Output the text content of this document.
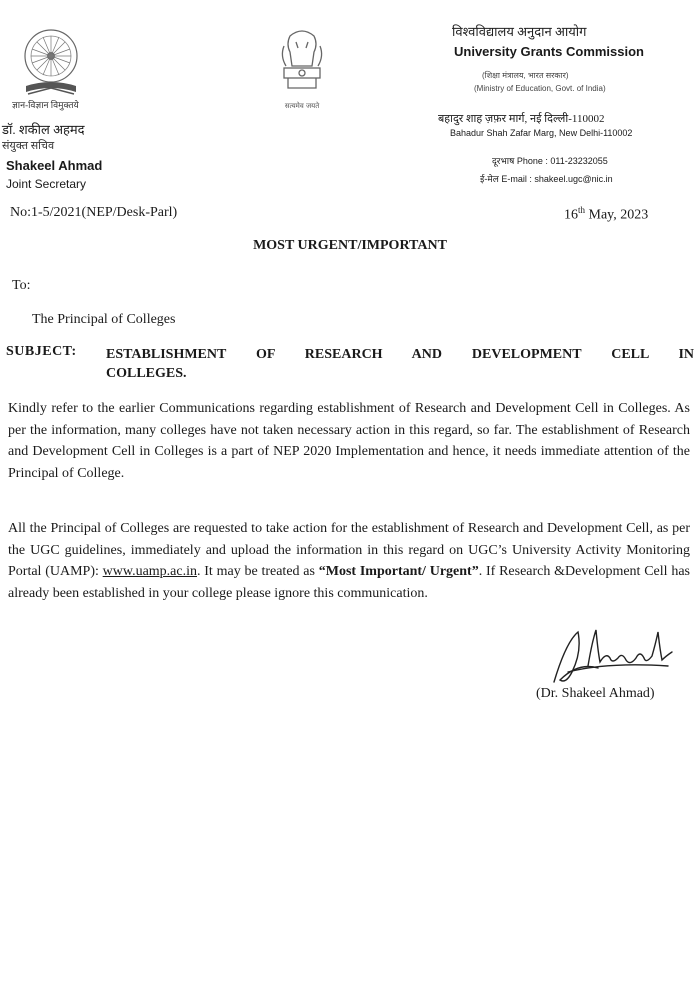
ज्ञान-विज्ञान विमुक्तये
डॉ. शकील अहमद
संयुक्त सचिव
Shakeel Ahmad
Joint Secretary
सत्यमेव जयते
विश्वविद्यालय अनुदान आयोग
University Grants Commission
(शिक्षा मंत्रालय, भारत सरकार)
(Ministry of Education, Govt. of India)
बहादुर शाह ज़फ़र मार्ग, नई दिल्ली-110002
Bahadur Shah Zafar Marg, New Delhi-110002
दूरभाष Phone : 011-23232055
ई-मेल E-mail : shakeel.ugc@nic.in
No:1-5/2021(NEP/Desk-Parl)	16th May, 2023
MOST URGENT/IMPORTANT
To:
The Principal of Colleges
SUBJECT: ESTABLISHMENT OF RESEARCH AND DEVELOPMENT CELL IN
COLLEGES.
Kindly refer to the earlier Communications regarding establishment of Research and Development Cell in Colleges. As per the information, many colleges have not taken necessary action in this regard, so far. The establishment of Research and Development Cell in Colleges is a part of NEP 2020 Implementation and hence, it needs immediate attention of the Principal of College.
All the Principal of Colleges are requested to take action for the establishment of Research and Development Cell, as per the UGC guidelines, immediately and upload the information in this regard on UGC’s University Activity Monitoring Portal (UAMP): www.uamp.ac.in. It may be treated as “Most Important/ Urgent”. If Research &Development Cell has already been established in your college please ignore this communication.
(Dr. Shakeel Ahmad)
